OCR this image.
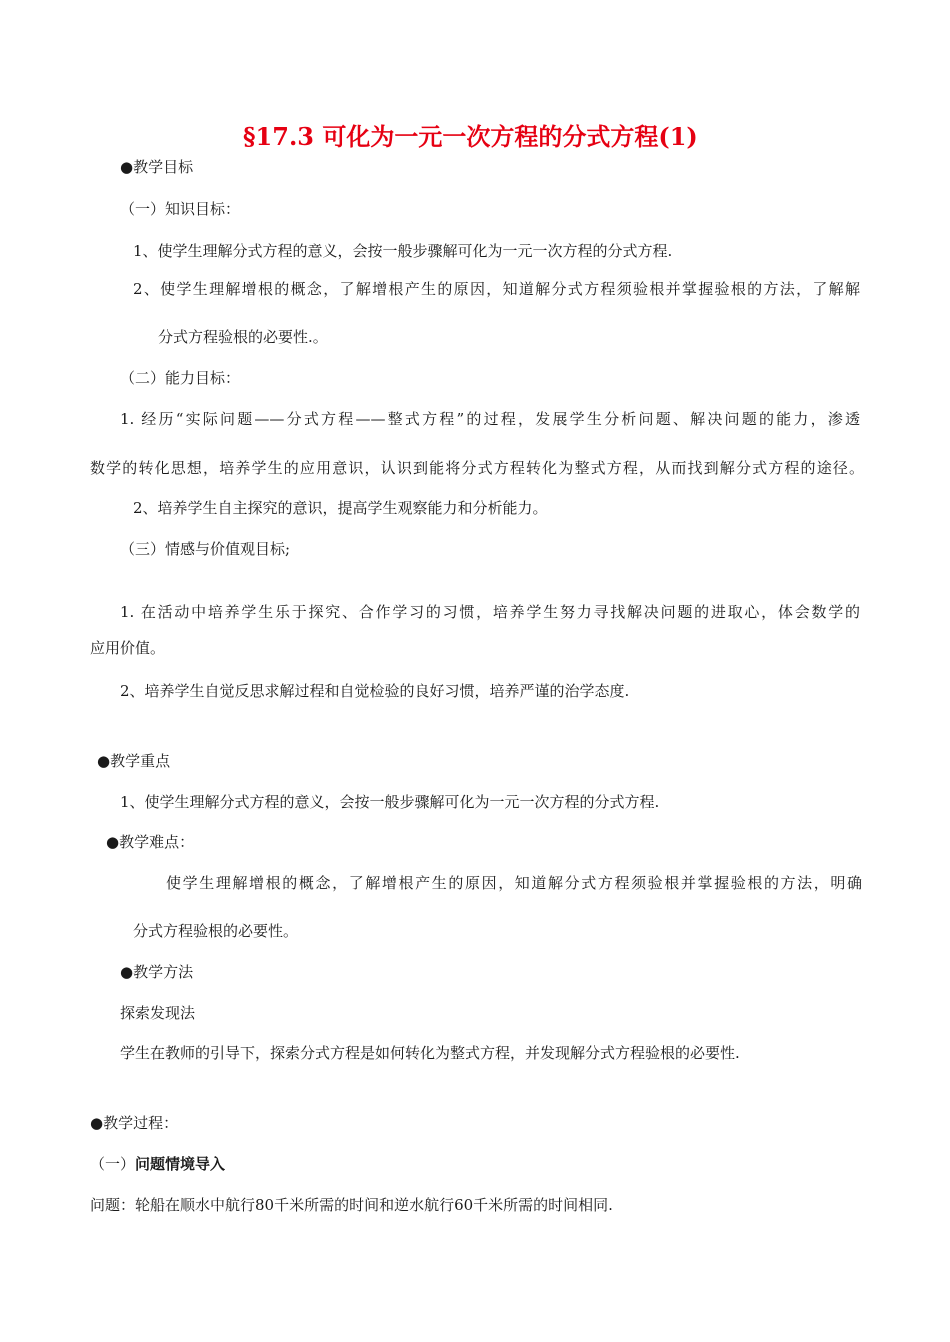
§17.3 可化为一元一次方程的分式方程(1)
●教学目标
（一）知识目标：
1、使学生理解分式方程的意义，会按一般步骤解可化为一元一次方程的分式方程.
2、使学生理解增根的概念，了解增根产生的原因，知道解分式方程须验根并掌握验根的方法，了解解
分式方程验根的必要性.。
（二）能力目标：
1. 经历“实际问题——分式方程——整式方程”的过程，发展学生分析问题、解决问题的能力，渗透
数学的转化思想，培养学生的应用意识，认识到能将分式方程转化为整式方程，从而找到解分式方程的途径。
2、培养学生自主探究的意识，提高学生观察能力和分析能力。
（三）情感与价值观目标;
1. 在活动中培养学生乐于探究、合作学习的习惯，培养学生努力寻找解决问题的进取心，体会数学的
应用价值。
2、培养学生自觉反思求解过程和自觉检验的良好习惯，培养严谨的治学态度.
●教学重点
1、使学生理解分式方程的意义，会按一般步骤解可化为一元一次方程的分式方程.
●教学难点：
使学生理解增根的概念，了解增根产生的原因，知道解分式方程须验根并掌握验根的方法，明确
分式方程验根的必要性。
●教学方法
探索发现法
学生在教师的引导下，探索分式方程是如何转化为整式方程，并发现解分式方程验根的必要性.
●教学过程：
（一）问题情境导入
问题：轮船在顺水中航行80千米所需的时间和逆水航行60千米所需的时间相同.
